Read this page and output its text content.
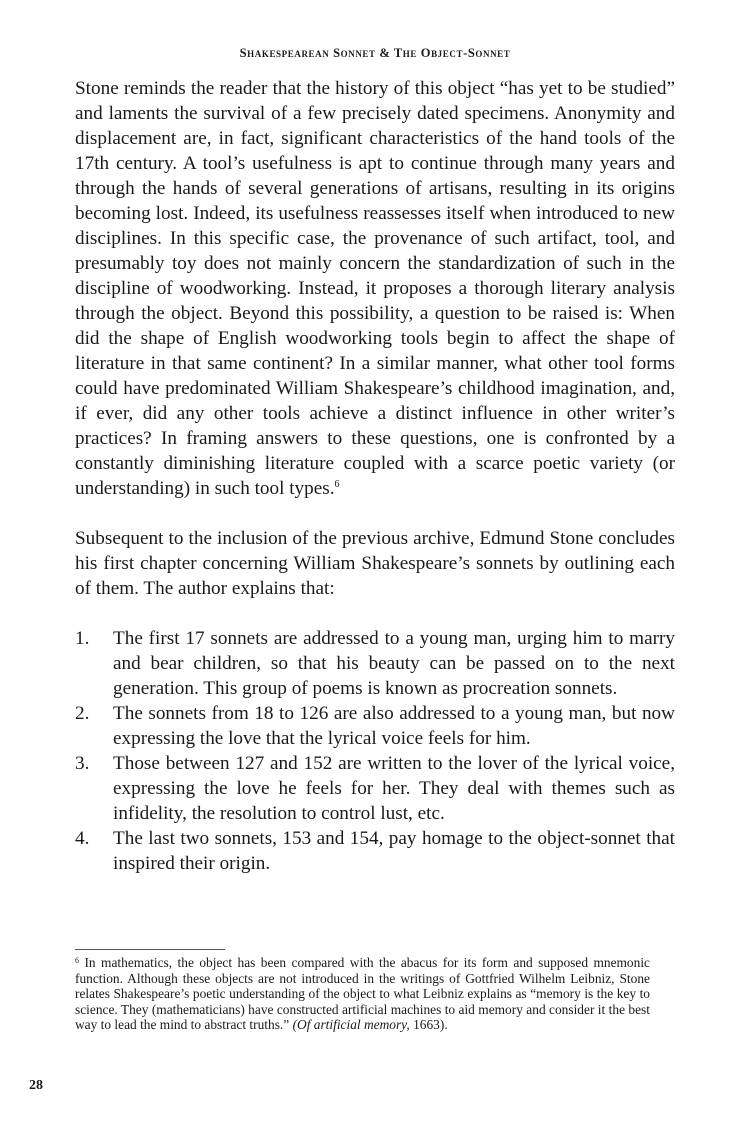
Shakespearean Sonnet & The Object-Sonnet

Stone reminds the reader that the history of this object “has yet to be studied” and laments the survival of a few precisely dated specimens. Anonymity and displacement are, in fact, significant characteristics of the hand tools of the 17th century. A tool’s usefulness is apt to continue through many years and through the hands of several generations of artisans, resulting in its origins becoming lost. Indeed, its usefulness reassesses itself when introduced to new disciplines. In this specific case, the provenance of such artifact, tool, and presumably toy does not mainly concern the standardization of such in the discipline of woodworking. Instead, it proposes a thorough literary analysis through the object. Beyond this possibility, a question to be raised is: When did the shape of English woodworking tools begin to affect the shape of literature in that same continent? In a similar manner, what other tool forms could have predominated William Shakespeare’s childhood imagination, and, if ever, did any other tools achieve a distinct influence in other writer’s practices? In framing answers to these questions, one is confronted by a constantly diminishing literature coupled with a scarce poetic variety (or understanding) in such tool types.$^6$

Subsequent to the inclusion of the previous archive, Edmund Stone concludes his first chapter concerning William Shakespeare’s sonnets by outlining each of them. The author explains that:

1.	The first 17 sonnets are addressed to a young man, urging him to marry and bear children, so that his beauty can be passed on to the next generation. This group of poems is known as procreation sonnets.
2.	The sonnets from 18 to 126 are also addressed to a young man, but now expressing the love that the lyrical voice feels for him.
3.	Those between 127 and 152 are written to the lover of the lyrical voice, expressing the love he feels for her. They deal with themes such as infidelity, the resolution to control lust, etc.
4.	The last two sonnets, 153 and 154, pay homage to the object-sonnet that inspired their origin.
$^6$ In mathematics, the object has been compared with the abacus for its form and supposed mnemonic function. Although these objects are not introduced in the writings of Gottfried Wilhelm Leibniz, Stone relates Shakespeare’s poetic understanding of the object to what Leibniz explains as “memory is the key to science. They (mathematicians) have constructed artificial machines to aid memory and consider it the best way to lead the mind to abstract truths.” (Of artificial memory, 1663).
28
